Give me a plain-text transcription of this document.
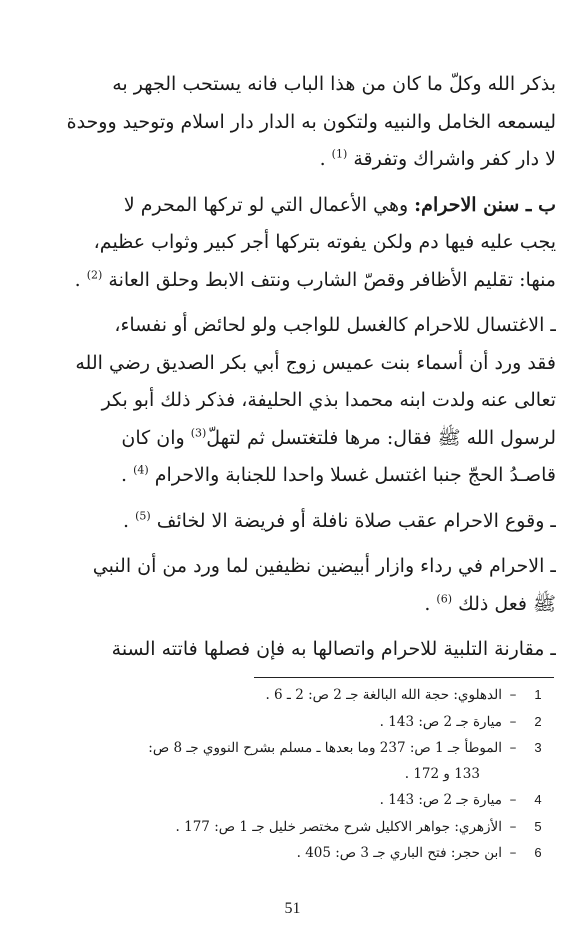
بذكر الله وكلّ ما كان من هذا الباب فانه يستحب الجهر به
ليسمعه الخامل والنبيه ولتكون به الدار دار اسلام وتوحيد ووحدة
لا دار كفر واشراك وتفرقة $^{(1)}$ .
ب ـ سنن الاحرام: وهي الأعمال التي لو تركها المحرم لا
يجب عليه فيها دم ولكن يفوته بتركها أجر كبير وثواب عظيم،
منها: تقليم الأظافر وقصّ الشارب ونتف الابط وحلق العانة $^{(2)}$ .
ـ الاغتسال للاحرام كالغسل للواجب ولو لحائض أو نفساء،
فقد ورد أن أسماء بنت عميس زوج أبي بكر الصديق رضي الله
تعالى عنه ولدت ابنه محمدا بذي الحليفة، فذكر ذلك أبو بكر
لرسول الله ﷺ فقال: مرها فلتغتسل ثم لتهلّ$^{(3)}$ وان كان
قاصـدُ الحجّ جنبا اغتسل غسلا واحدا للجنابة والاحرام $^{(4)}$ .
ـ وقوع الاحرام عقب صلاة نافلة أو فريضة الا لخائف $^{(5)}$ .
ـ الاحرام في رداء وازار أبيضين نظيفين لما ورد من أن النبي
ﷺ فعل ذلك $^{(6)}$ .
ـ مقارنة التلبية للاحرام واتصالها به فإن فصلها فاتته السنة
1
–
الدهلوي: حجة الله البالغة جـ 2 ص: 2 ـ 6 .
2
–
ميارة جـ 2 ص: 143 .
3
–
الموطأ جـ 1 ص: 237 وما بعدها ـ مسلم بشرح النووي جـ 8 ص:
133 و 172 .
4
–
ميارة جـ 2 ص: 143 .
5
–
الأزهري: جواهر الاكليل شرح مختصر خليل جـ 1 ص: 177 .
6
–
ابن حجر: فتح الباري جـ 3 ص: 405 .
51
